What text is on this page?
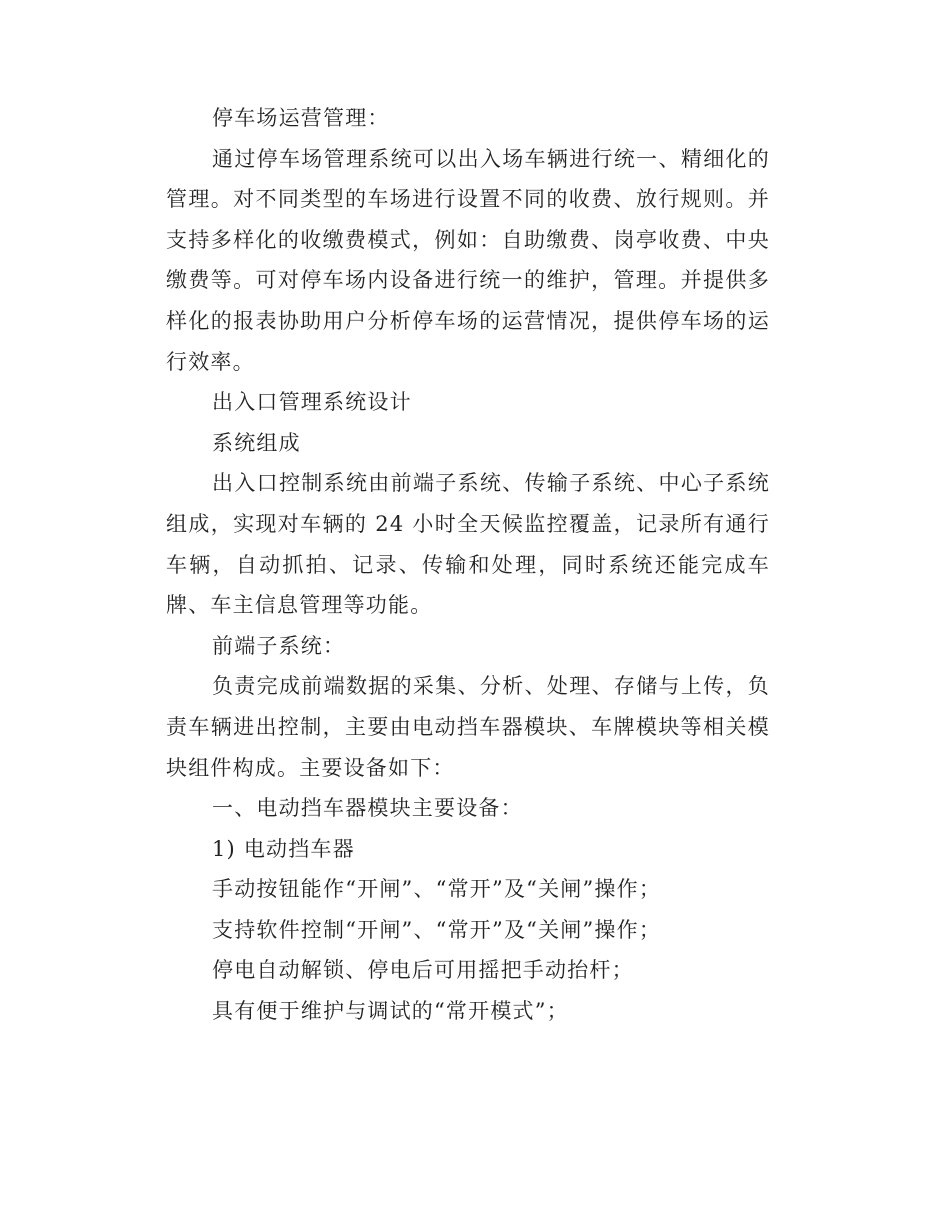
停车场运营管理：

通过停车场管理系统可以出入场车辆进行统一、精细化的管理。对不同类型的车场进行设置不同的收费、放行规则。并支持多样化的收缴费模式，例如：自助缴费、岗亭收费、中央缴费等。可对停车场内设备进行统一的维护，管理。并提供多样化的报表协助用户分析停车场的运营情况，提供停车场的运行效率。

出入口管理系统设计

系统组成

出入口控制系统由前端子系统、传输子系统、中心子系统组成，实现对车辆的 24 小时全天候监控覆盖，记录所有通行车辆，自动抓拍、记录、传输和处理，同时系统还能完成车牌、车主信息管理等功能。

前端子系统：

负责完成前端数据的采集、分析、处理、存储与上传，负责车辆进出控制，主要由电动挡车器模块、车牌模块等相关模块组件构成。主要设备如下：

一、电动挡车器模块主要设备：

1) 电动挡车器

手动按钮能作“开闸”、“常开”及“关闸”操作；

支持软件控制“开闸”、“常开”及“关闸”操作；

停电自动解锁、停电后可用摇把手动抬杆；

具有便于维护与调试的“常开模式”；
